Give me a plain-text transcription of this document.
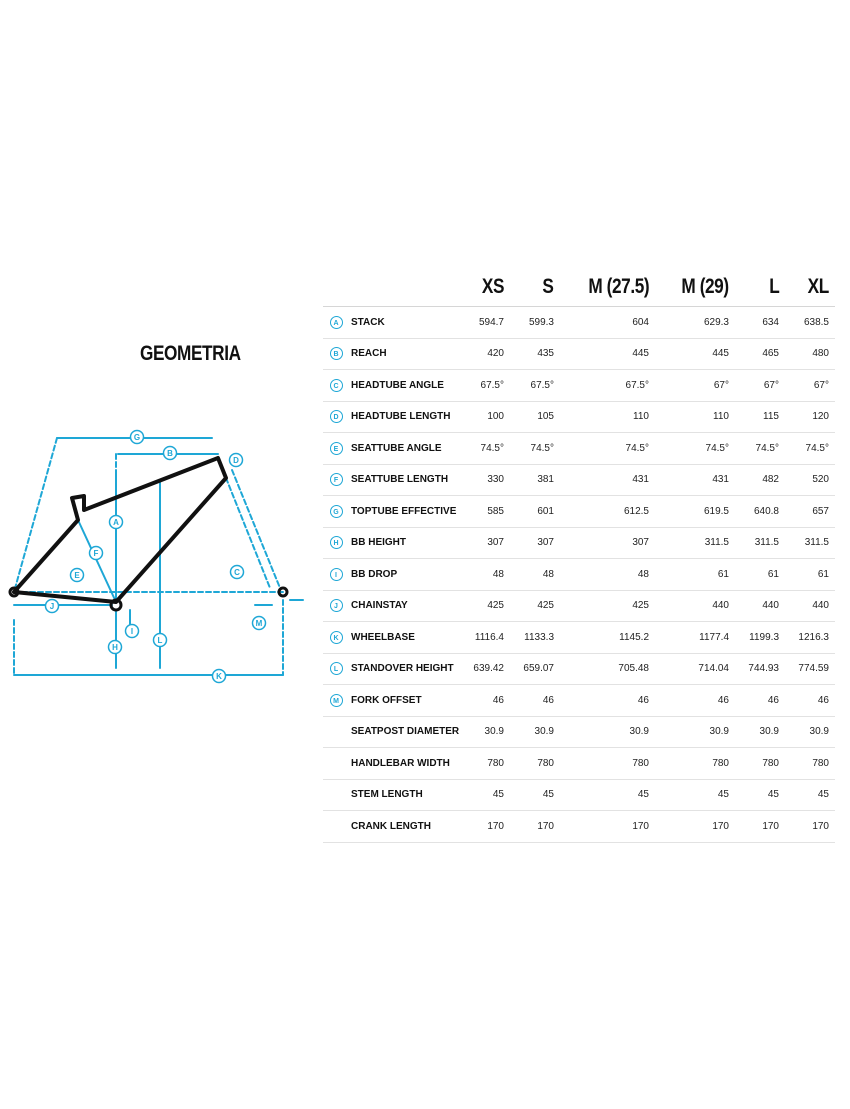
GEOMETRIA
A
B
C
D
E
F
G
H
I
J
K
L
M
		XS	S	M (27.5)	M (29)	L	XL
A	STACK	594.7	599.3	604	629.3	634	638.5
B	REACH	420	435	445	445	465	480
C	HEADTUBE ANGLE	67.5°	67.5°	67.5°	67°	67°	67°
D	HEADTUBE LENGTH	100	105	110	110	115	120
E	SEATTUBE ANGLE	74.5°	74.5°	74.5°	74.5°	74.5°	74.5°
F	SEATTUBE LENGTH	330	381	431	431	482	520
G	TOPTUBE EFFECTIVE	585	601	612.5	619.5	640.8	657
H	BB HEIGHT	307	307	307	311.5	311.5	311.5
I	BB DROP	48	48	48	61	61	61
J	CHAINSTAY	425	425	425	440	440	440
K	WHEELBASE	1116.4	1133.3	1145.2	1177.4	1199.3	1216.3
L	STANDOVER HEIGHT	639.42	659.07	705.48	714.04	744.93	774.59
M	FORK OFFSET	46	46	46	46	46	46
	SEATPOST DIAMETER	30.9	30.9	30.9	30.9	30.9	30.9
	HANDLEBAR WIDTH	780	780	780	780	780	780
	STEM LENGTH	45	45	45	45	45	45
	CRANK LENGTH	170	170	170	170	170	170
